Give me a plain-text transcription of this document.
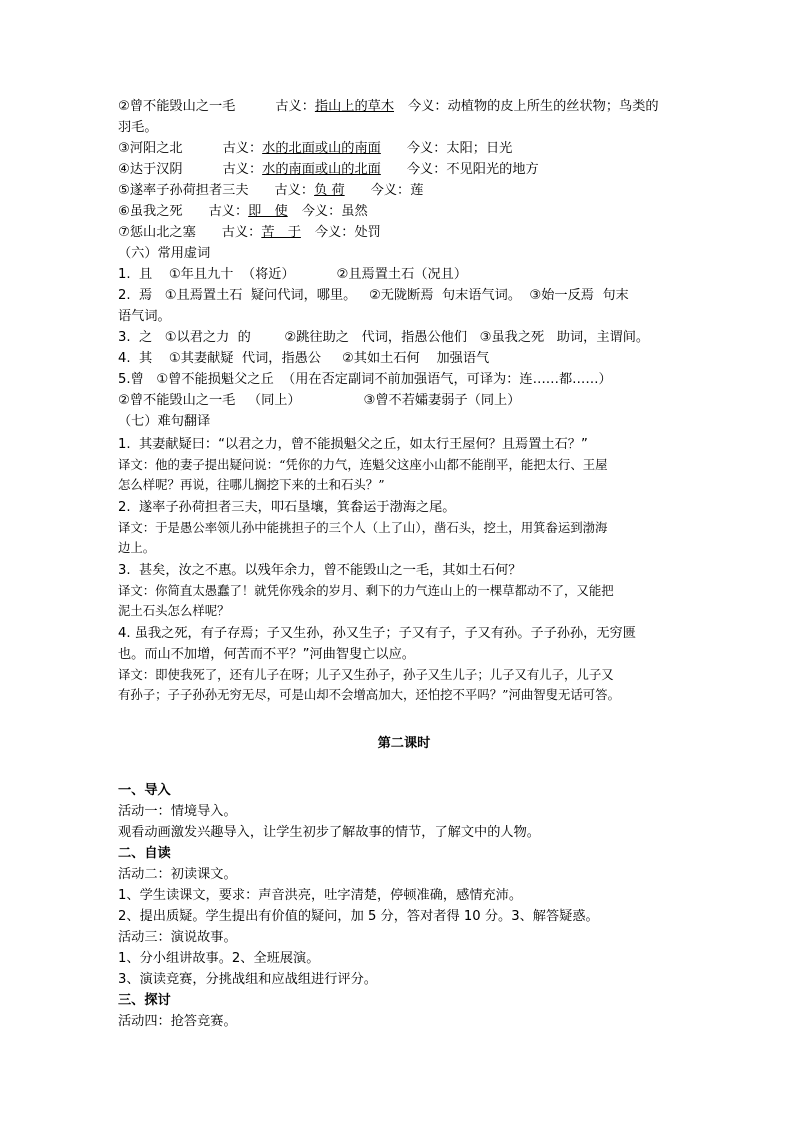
②曾不能毁山之一毛	古义：指山上的草木 今义：动植物的皮上所生的丝状物；鸟类的

羽毛。

③河阳之北	古义：水的北面或山的南面 今义：太阳；日光

④达于汉阴	古义：水的南面或山的北面 今义：不见阳光的地方

⑤遂率子孙荷担者三夫 古义：负 荷 今义：莲

⑥虽我之死 古义：即　使 今义：虽然

⑦惩山北之塞 古义：苦　于 今义：处罚

（六）常用虚词

1.  且    ①年且九十  （将近）          ②且焉置土石（况且）

2.  焉   ①且焉置土石  疑问代词，哪里。   ②无陇断焉  句末语气词。  ③始一反焉  句末

语气词。

3.  之   ①以君之力  的        ②跳往助之   代词，指愚公他们   ③虽我之死   助词，主谓间。

4.  其    ①其妻献疑  代词，指愚公     ②其如土石何    加强语气

5.曾   ①曾不能损魁父之丘  （用在否定副词不前加强语气，可译为：连……都……）

②曾不能毁山之一毛   （同上）               ③曾不若孀妻弱子（同上）

（七）难句翻译

1.  其妻献疑曰：“以君之力，曾不能损魁父之丘，如太行王屋何？且焉置土石？”

译文：他的妻子提出疑问说：“凭你的力气，连魁父这座小山都不能削平，能把太行、王屋

怎么样呢？再说，往哪儿搁挖下来的土和石头？”

2.  遂率子孙荷担者三夫，叩石垦壤，箕畚运于渤海之尾。

译文：于是愚公率领儿孙中能挑担子的三个人（上了山），凿石头，挖土，用箕畚运到渤海

边上。

3.  甚矣，汝之不惠。以残年余力，曾不能毁山之一毛，其如土石何？

译文：你简直太愚蠢了！就凭你残余的岁月、剩下的力气连山上的一棵草都动不了，又能把

泥土石头怎么样呢？

4. 虽我之死，有子存焉；子又生孙，孙又生子；子又有子，子又有孙。子子孙孙，无穷匮

也。而山不加增，何苦而不平？”河曲智叟亡以应。

译文：即使我死了，还有儿子在呀；儿子又生孙子，孙子又生儿子；儿子又有儿子，儿子又

有孙子；子子孙孙无穷无尽，可是山却不会增高加大，还怕挖不平吗？”河曲智叟无话可答。

第二课时

一、导入

活动一：情境导入。

观看动画激发兴趣导入，让学生初步了解故事的情节，了解文中的人物。

二、自读

活动二：初读课文。

1、学生读课文，要求：声音洪亮，吐字清楚，停顿准确，感情充沛。

2、提出质疑。学生提出有价值的疑问，加 5 分，答对者得 10 分。3、解答疑惑。

活动三：演说故事。

1、分小组讲故事。2、全班展演。

3、演读竞赛，分挑战组和应战组进行评分。

三、探讨

活动四：抢答竞赛。
